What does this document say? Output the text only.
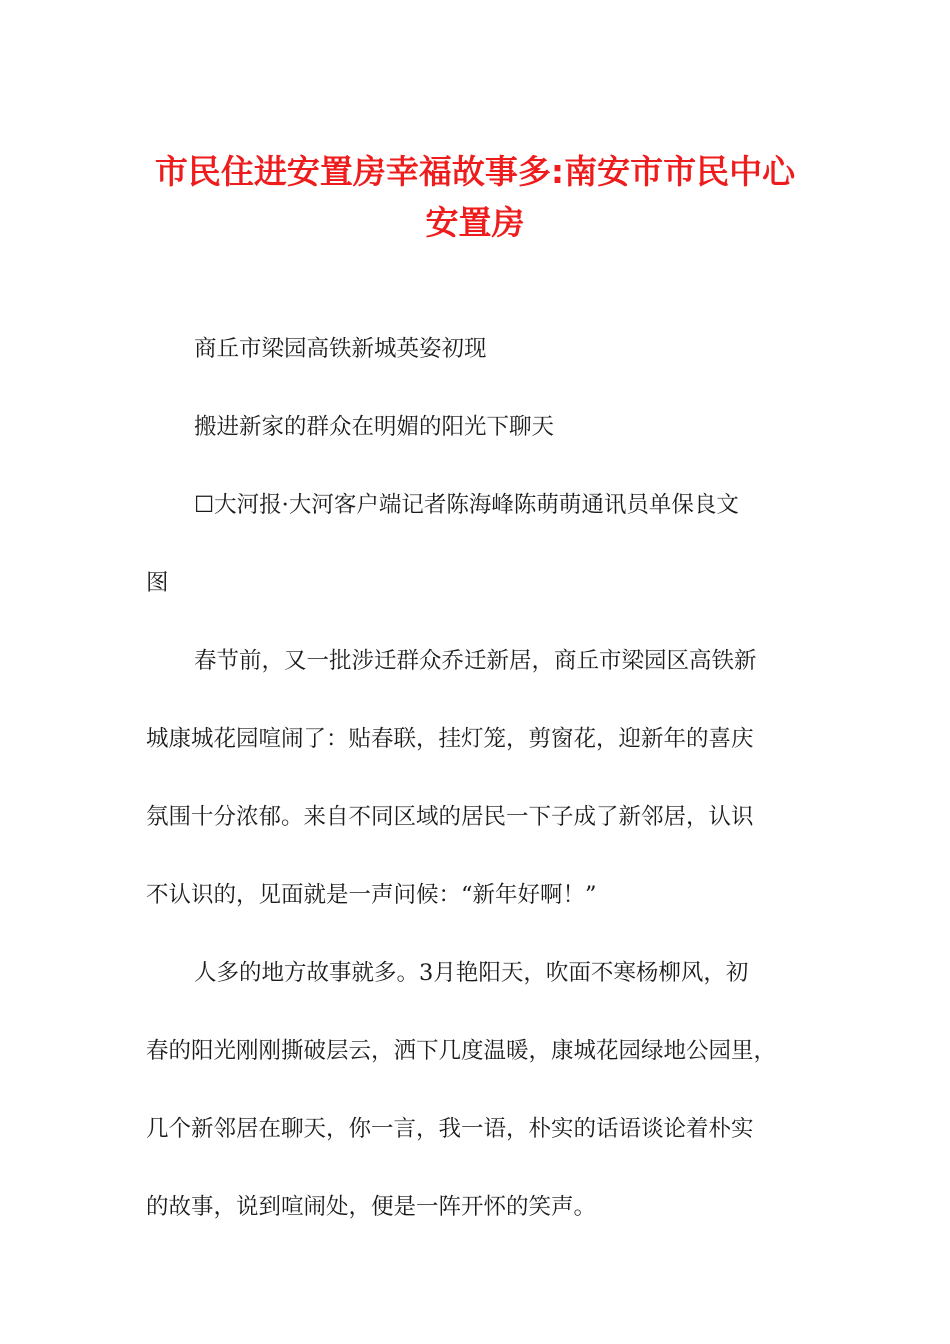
市民住进安置房幸福故事多:南安市市民中心
安置房

商丘市梁园高铁新城英姿初现

搬进新家的群众在明媚的阳光下聊天

☐大河报·大河客户端记者陈海峰陈萌萌通讯员单保良文
图

春节前，又一批涉迁群众乔迁新居，商丘市梁园区高铁新
城康城花园喧闹了：贴春联，挂灯笼，剪窗花，迎新年的喜庆
氛围十分浓郁。来自不同区域的居民一下子成了新邻居，认识
不认识的，见面就是一声问候：“新年好啊！”

人多的地方故事就多。3月艳阳天，吹面不寒杨柳风，初
春的阳光刚刚撕破层云，洒下几度温暖，康城花园绿地公园里，
几个新邻居在聊天，你一言，我一语，朴实的话语谈论着朴实
的故事，说到喧闹处，便是一阵开怀的笑声。
